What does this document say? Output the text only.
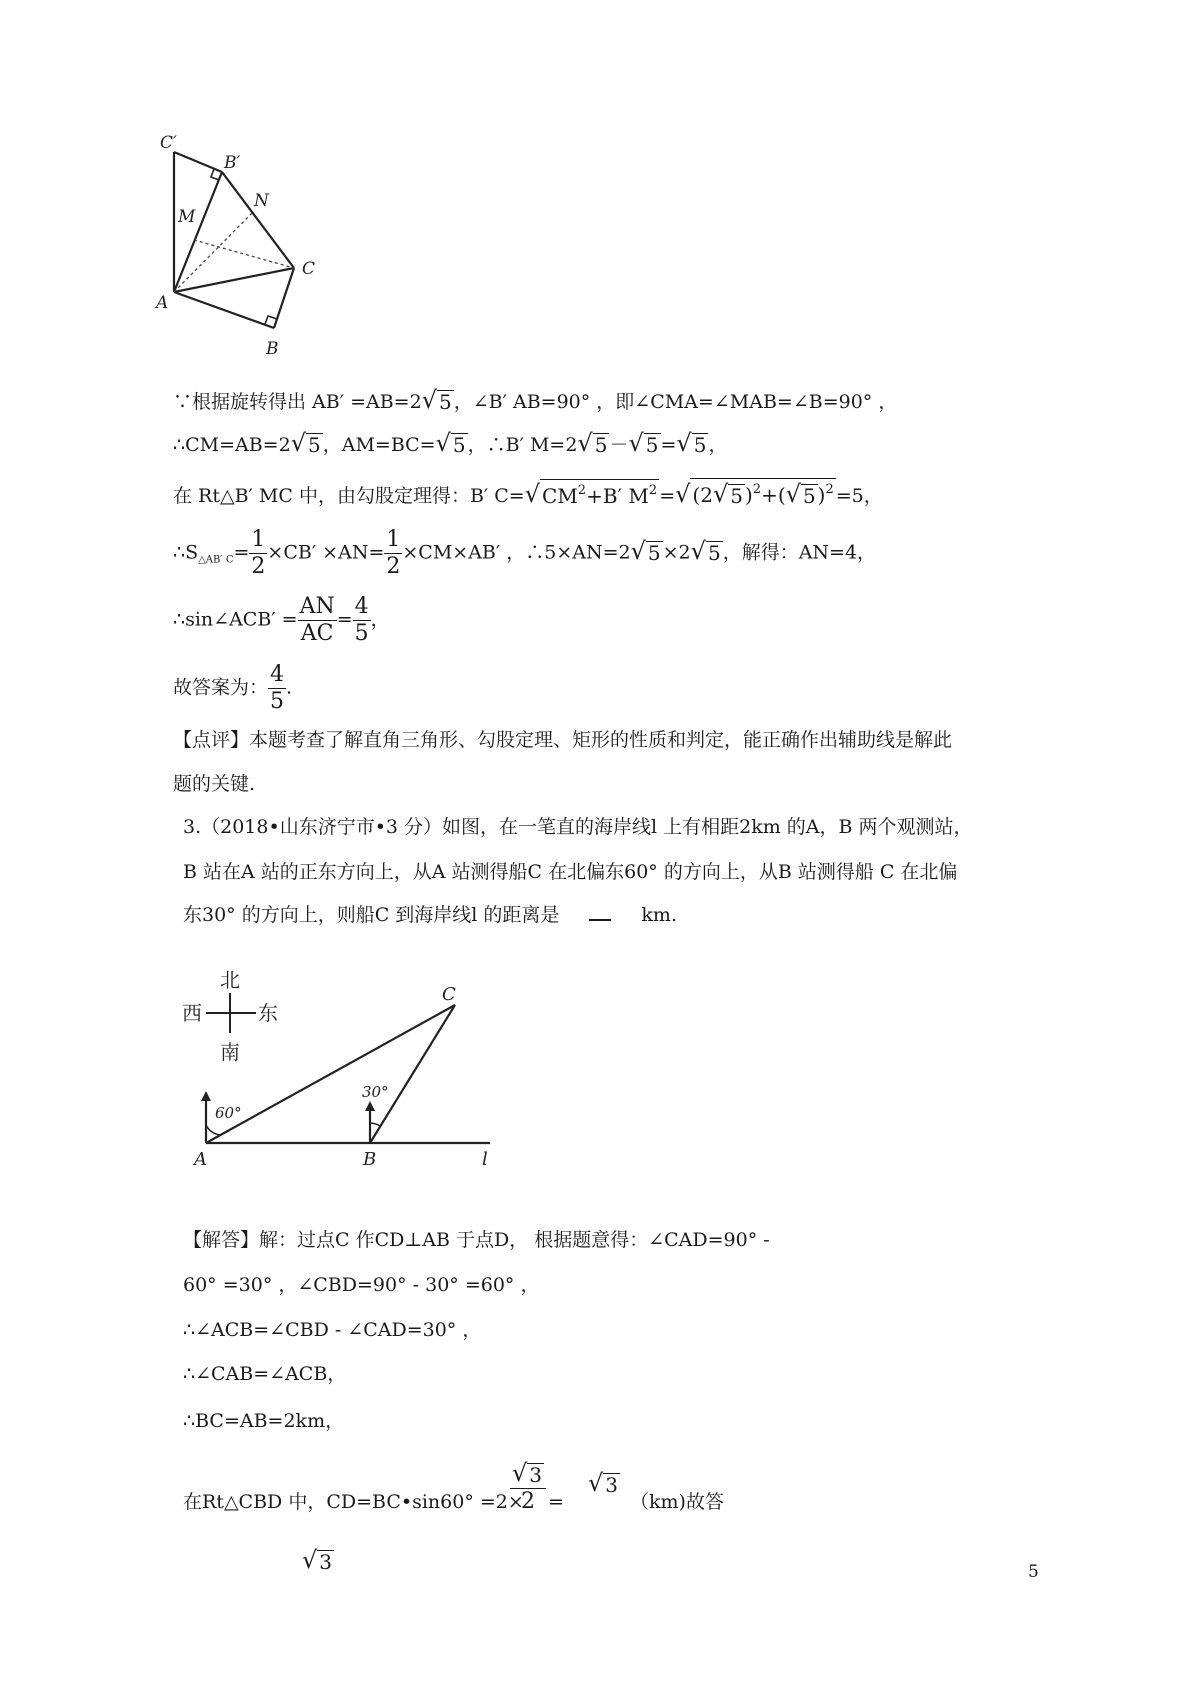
C′
B′
N
M
A
C
B
∵根据旋转得出 AB′ =AB=2 √ 5 ，∠B′ AB=90° ，即∠CMA=∠MAB=∠B=90° ，
∴CM=AB=2 √ 5 ，AM=BC= √ 5 ，∴B′ M=2 √ 5 － √ 5 = √ 5 ，
在 Rt△B′ MC 中，由勾股定理得：B′ C= √ $CM^2+B'$ $M^2$ = √ (2 √ 5 )$^2$+( √ 5 )$^2$ =5，
$\therefore S_{\triangle AB' C}= \frac{1}{2} \times CB' \times AN= \frac{1}{2} \times CM\times AB'$ ，∴5×AN=2 √ 5 ×2 √ 5 ，解得：AN=4，
∴sin∠ACB′ = $\frac{AN}{AC} = \frac{4}{5}$ ，
故答案为： $\frac{4}{5}$ .
【点评】本题考查了解直角三角形、勾股定理、矩形的性质和判定，能正确作出辅助线是解此
题的关键.
3.（2018•山东济宁市•3 分）如图，在一笔直的海岸线l 上有相距2km 的A，B 两个观测站，
B 站在A 站的正东方向上，从A 站测得船C 在北偏东60° 的方向上，从B 站测得船 C 在北偏
东30° 的方向上，则船C 到海岸线l 的距离是	km.
北
南
西	东
60°
30°
C
A	B	l
【解答】解：过点C 作CD⊥AB 于点D， 根据题意得：∠CAD=90° -
60° =30° ，∠CBD=90° - 30° =60° ，
∴∠ACB=∠CBD - ∠CAD=30° ，
∴∠CAB=∠ACB，
∴BC=AB=2km，
在Rt△CBD 中，CD=BC•sin60° =2×
$\frac{√ 3}{2}$ =
√ 3
（km)故答
√ 3	5
